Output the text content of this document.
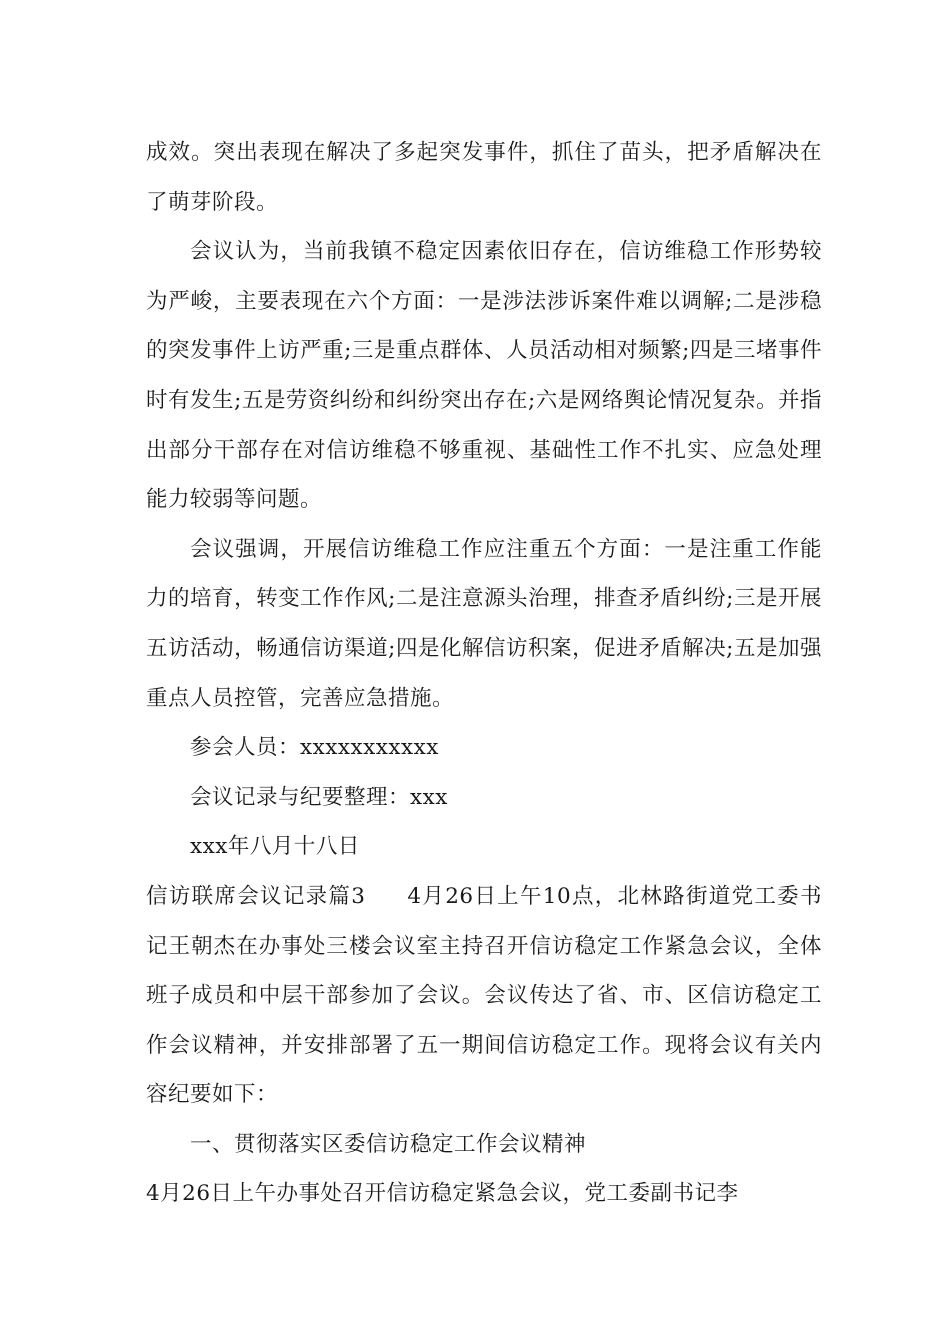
成效。突出表现在解决了多起突发事件，抓住了苗头，把矛盾解决在了萌芽阶段。

会议认为，当前我镇不稳定因素依旧存在，信访维稳工作形势较为严峻，主要表现在六个方面：一是涉法涉诉案件难以调解;二是涉稳的突发事件上访严重;三是重点群体、人员活动相对频繁;四是三堵事件时有发生;五是劳资纠纷和纠纷突出存在;六是网络舆论情况复杂。并指出部分干部存在对信访维稳不够重视、基础性工作不扎实、应急处理能力较弱等问题。

会议强调，开展信访维稳工作应注重五个方面：一是注重工作能力的培育，转变工作作风;二是注意源头治理，排查矛盾纠纷;三是开展五访活动，畅通信访渠道;四是化解信访积案，促进矛盾解决;五是加强重点人员控管，完善应急措施。

参会人员：xxxxxxxxxxx

会议记录与纪要整理：xxx

xxx年八月十八日

信访联席会议记录篇3 4月26日上午10点，北林路街道党工委书记王朝杰在办事处三楼会议室主持召开信访稳定工作紧急会议，全体班子成员和中层干部参加了会议。会议传达了省、市、区信访稳定工作会议精神，并安排部署了五一期间信访稳定工作。现将会议有关内容纪要如下：

一、贯彻落实区委信访稳定工作会议精神

4月26日上午办事处召开信访稳定紧急会议，党工委副书记李
